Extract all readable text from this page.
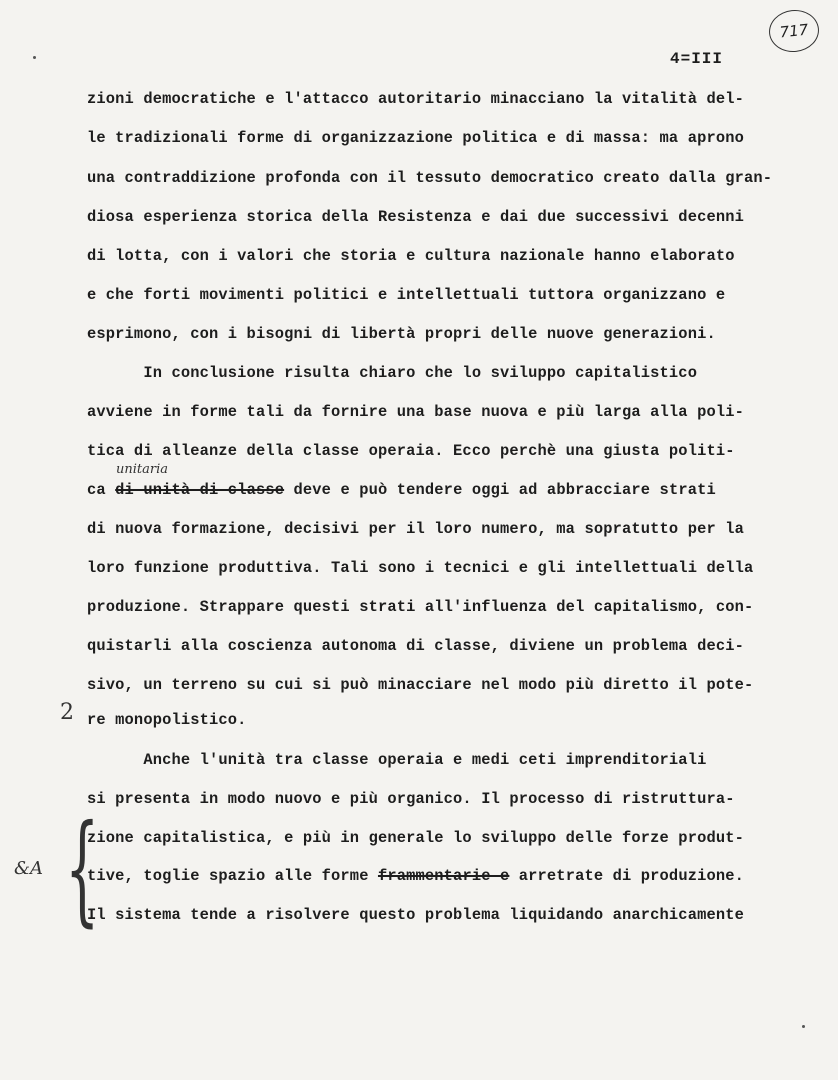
717
4=III
zioni democratiche e l'attacco autoritario minacciano la vitalità del-
le tradizionali forme di organizzazione politica e di massa: ma aprono
una contraddizione profonda con il tessuto democratico creato dalla gran-
diosa esperienza storica della Resistenza e dai due successivi decenni
di lotta, con i valori che storia e cultura nazionale hanno elaborato
e che forti movimenti politici e intellettuali tuttora organizzano e
esprimono, con i bisogni di libertà propri delle nuove generazioni.
In conclusione risulta chiaro che lo sviluppo capitalistico
avviene in forme tali da fornire una base nuova e più larga alla poli-
tica di alleanze della classe operaia. Ecco perchè una giusta politi-
unitaria
ca di unità di classe deve e può tendere oggi ad abbracciare strati
di nuova formazione, decisivi per il loro numero, ma sopratutto per la
loro funzione produttiva. Tali sono i tecnici e gli intellettuali della
produzione. Strappare questi strati all'influenza del capitalismo, con-
quistarli alla coscienza autonoma di classe, diviene un problema deci-
sivo, un terreno su cui si può minacciare nel modo più diretto il pote-
re monopolistico.
2
Anche l'unità tra classe operaia e medi ceti imprenditoriali
si presenta in modo nuovo e più organico. Il processo di ristruttura-
zione capitalistica, e più in generale lo sviluppo delle forze produt-
tive, toglie spazio alle forme frammentarie e arretrate di produzione.
Il sistema tende a risolvere questo problema liquidando anarchicamente
&A {
